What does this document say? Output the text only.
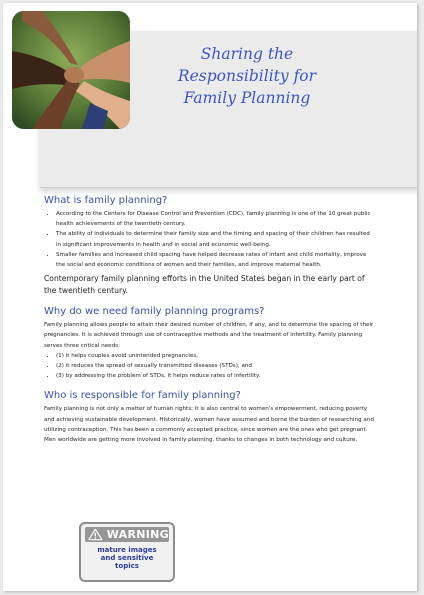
Sharing the
Responsibility for
Family Planning
What is family planning?
• According to the Centers for Disease Control and Prevention (CDC), family planning is one of the 10 great public health achievements of the twentieth century.
• The ability of individuals to determine their family size and the timing and spacing of their children has resulted in significant improvements in health and in social and economic well-being.
• Smaller families and increased child spacing have helped decrease rates of infant and child mortality, improve the social and economic conditions of women and their families, and improve maternal health.

Contemporary family planning efforts in the United States began in the early part of the twentieth century.

Why do we need family planning programs?

Family planning allows people to attain their desired number of children, if any, and to determine the spacing of their pregnancies. It is achieved through use of contraceptive methods and the treatment of infertility. Family planning serves three critical needs:

• (1) it helps couples avoid unintended pregnancies,
• (2) it reduces the spread of sexually transmitted diseases (STDs), and
• (3) by addressing the problem of STDs, it helps reduce rates of infertility.
Who is responsible for family planning?

Family planning is not only a matter of human rights; it is also central to women's empowerment, reducing poverty and achieving sustainable development. Historically, women have assumed and borne the burden of researching and utilizing contraception. This has been a commonly accepted practice, since women are the ones who get pregnant.

Men worldwide are getting more involved in family planning, thanks to changes in both technology and culture.

WARNING
mature images
and sensitive
topics
